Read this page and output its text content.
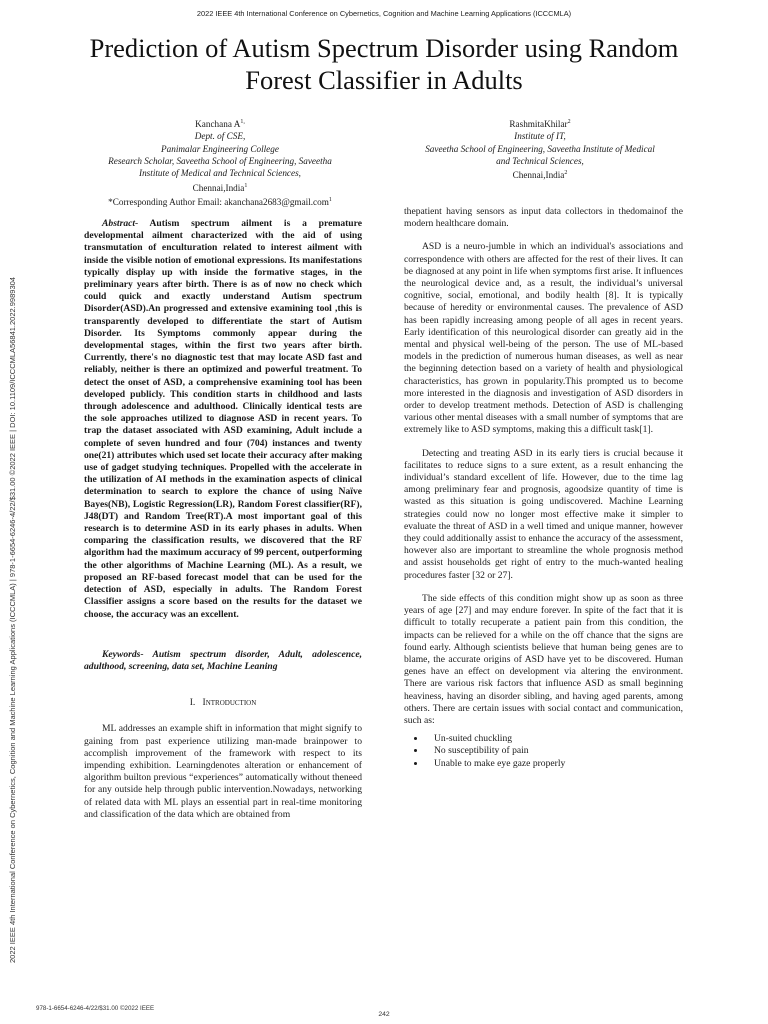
2022 IEEE 4th International Conference on Cybernetics, Cognition and Machine Learning Applications (ICCCMLA)
Prediction of Autism Spectrum Disorder using Random Forest Classifier in Adults
2022 IEEE 4th International Conference on Cybernetics, Cognition and Machine Learning Applications (ICCCMLA) | 978-1-6654-6246-4/22/$31.00 ©2022 IEEE | DOI: 10.1109/ICCCMLA56841.2022.9989304
Kanchana $A^{1,}$
Dept. of CSE,
Panimalar Engineering College
Research Scholar, Saveetha School of Engineering, Saveetha
Institute of Medical and Technical Sciences,
Chennai,India$^1$
*Corresponding Author Email: akanchana2683@gmail.com$^1$
RashmitaKhilar$^2$
Institute of IT,
Saveetha School of Engineering, Saveetha Institute of Medical
and Technical Sciences,
Chennai,India$^2$

Abstract- Autism spectrum ailment is a premature developmental ailment characterized with the aid of using transmutation of enculturation related to interest ailment with inside the visible notion of emotional expressions. Its manifestations typically display up with inside the formative stages, in the preliminary years after birth. There is as of now no check which could quick and exactly understand Autism spectrum Disorder(ASD).An progressed and extensive examining tool ,this is transparently developed to differentiate the start of Autism Disorder. Its Symptoms commonly appear during the developmental stages, within the first two years after birth. Currently, there's no diagnostic test that may locate ASD fast and reliably, neither is there an optimized and powerful treatment. To detect the onset of ASD, a comprehensive examining tool has been developed publicly. This condition starts in childhood and lasts through adolescence and adulthood. Clinically identical tests are the sole approaches utilized to diagnose ASD in recent years. To trap the dataset associated with ASD examining, Adult include a complete of seven hundred and four (704) instances and twenty one(21) attributes which used set locate their accuracy after making use of gadget studying techniques. Propelled with the accelerate in the utilization of AI methods in the examination aspects of clinical determination to search to explore the chance of using Naïve Bayes(NB), Logistic Regression(LR), Random Forest classifier(RF), J48(DT) and Random Tree(RT).A most important goal of this research is to determine ASD in its early phases in adults. When comparing the classification results, we discovered that the RF algorithm had the maximum accuracy of 99 percent, outperforming the other algorithms of Machine Learning (ML). As a result, we proposed an RF-based forecast model that can be used for the detection of ASD, especially in adults. The Random Forest Classifier assigns a score based on the results for the dataset we choose, the accuracy was an excellent.

Keywords- Autism spectrum disorder, Adult, adolescence, adulthood, screening, data set, Machine Leaning

I. Introduction

ML addresses an example shift in information that might signify to gaining from past experience utilizing man-made brainpower to accomplish improvement of the framework with respect to its impending exhibition. Learningdenotes alteration or enhancement of algorithm builton previous “experiences” automatically without theneed for any outside help through public intervention.Nowadays, networking of related data with ML plays an essential part in real-time monitoring and classification of the data which are obtained from

thepatient having sensors as input data collectors in thedomainof the modern healthcare domain.

ASD is a neuro-jumble in which an individual's associations and correspondence with others are affected for the rest of their lives. It can be diagnosed at any point in life when symptoms first arise. It influences the neurological device and, as a result, the individual’s universal cognitive, social, emotional, and bodily health [8]. It is typically because of heredity or environmental causes. The prevalence of ASD has been rapidly increasing among people of all ages in recent years. Early identification of this neurological disorder can greatly aid in the mental and physical well-being of the person. The use of ML-based models in the prediction of numerous human diseases, as well as near the beginning detection based on a variety of health and physiological characteristics, has grown in popularity.This prompted us to become more interested in the diagnosis and investigation of ASD disorders in order to develop treatment methods. Detection of ASD is challenging various other mental diseases with a small number of symptoms that are extremely like to ASD symptoms, making this a difficult task[1].

Detecting and treating ASD in its early tiers is crucial because it facilitates to reduce signs to a sure extent, as a result enhancing the individual’s standard excellent of life. However, due to the time lag among preliminary fear and prognosis, agoodsize quantity of time is wasted as this situation is going undiscovered. Machine Learning strategies could now no longer most effective make it simpler to evaluate the threat of ASD in a well timed and unique manner, however they could additionally assist to enhance the accuracy of the assessment, however also are important to streamline the whole prognosis method and assist households get right of entry to the much-wanted healing procedures faster [32 or 27].

The side effects of this condition might show up as soon as three years of age [27] and may endure forever. In spite of the fact that it is difficult to totally recuperate a patient pain from this condition, the impacts can be relieved for a while on the off chance that the signs are found early. Although scientists believe that human being genes are to blame, the accurate origins of ASD have yet to be discovered. Human genes have an effect on development via altering the environment. There are various risk factors that influence ASD as small beginning heaviness, having an disorder sibling, and having aged parents, among others. There are certain issues with social contact and communication, such as:

• Un-suited chuckling
• No susceptibility of pain
• Unable to make eye gaze properly
978-1-6654-6246-4/22/$31.00 ©2022 IEEE
242
